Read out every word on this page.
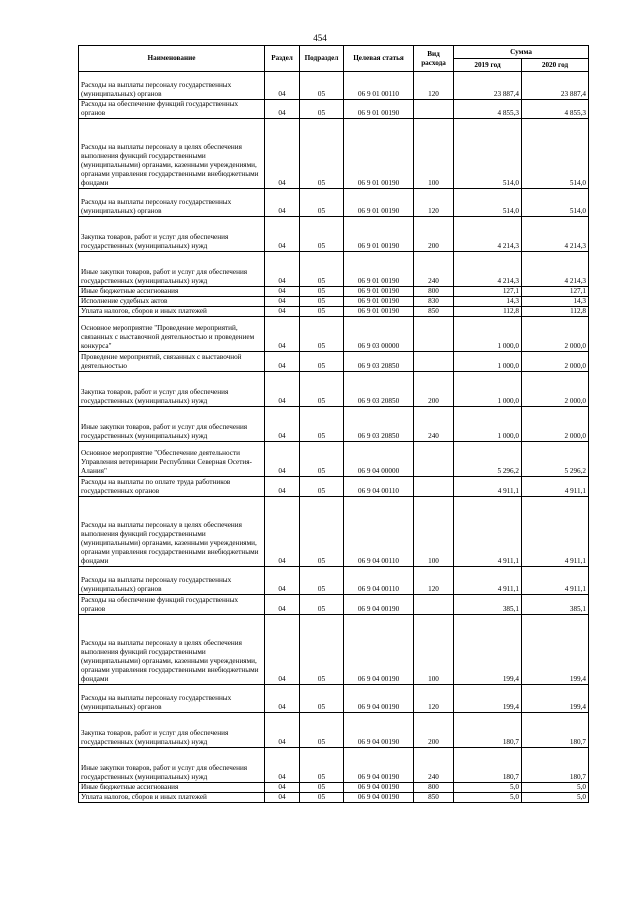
454
Наименование	Раздел	Подраздел	Целевая статья	Вид расхода	Сумма	
					2019 год	2020 год
Расходы на выплаты персоналу государственных (муниципальных) органов	04	05	06 9 01 00110	120	23 887,4	23 887,4
Расходы на обеспечение функций государственных органов	04	05	06 9 01 00190		4 855,3	4 855,3
Расходы на выплаты персоналу в целях обеспечения выполнения функций государственными (муниципальными) органами, казенными учреждениями, органами управления государственными внебюджетными фондами	04	05	06 9 01 00190	100	514,0	514,0
Расходы на выплаты персоналу государственных (муниципальных) органов	04	05	06 9 01 00190	120	514,0	514,0
Закупка товаров, работ и услуг для обеспечения государственных (муниципальных) нужд	04	05	06 9 01 00190	200	4 214,3	4 214,3
Иные закупки товаров, работ и услуг для обеспечения государственных (муниципальных) нужд	04	05	06 9 01 00190	240	4 214,3	4 214,3
Иные бюджетные ассигнования	04	05	06 9 01 00190	800	127,1	127,1
Исполнение судебных актов	04	05	06 9 01 00190	830	14,3	14,3
Уплата налогов, сборов и иных платежей	04	05	06 9 01 00190	850	112,8	112,8
Основное мероприятие "Проведение мероприятий, связанных с выставочной деятельностью и проведением конкурса"	04	05	06 9 03 00000		1 000,0	2 000,0
Проведение мероприятий, связанных с выставочной деятельностью	04	05	06 9 03 20850		1 000,0	2 000,0
Закупка товаров, работ и услуг для обеспечения государственных (муниципальных) нужд	04	05	06 9 03 20850	200	1 000,0	2 000,0
Иные закупки товаров, работ и услуг для обеспечения государственных (муниципальных) нужд	04	05	06 9 03 20850	240	1 000,0	2 000,0
Основное мероприятие "Обеспечение деятельности Управления ветеринарии Республики Северная Осетия-Алания"	04	05	06 9 04 00000		5 296,2	5 296,2
Расходы на выплаты по оплате труда работников государственных органов	04	05	06 9 04 00110		4 911,1	4 911,1
Расходы на выплаты персоналу в целях обеспечения выполнения функций государственными (муниципальными) органами, казенными учреждениями, органами управления государственными внебюджетными фондами	04	05	06 9 04 00110	100	4 911,1	4 911,1
Расходы на выплаты персоналу государственных (муниципальных) органов	04	05	06 9 04 00110	120	4 911,1	4 911,1
Расходы на обеспечение функций государственных органов	04	05	06 9 04 00190		385,1	385,1
Расходы на выплаты персоналу в целях обеспечения выполнения функций государственными (муниципальными) органами, казенными учреждениями, органами управления государственными внебюджетными фондами	04	05	06 9 04 00190	100	199,4	199,4
Расходы на выплаты персоналу государственных (муниципальных) органов	04	05	06 9 04 00190	120	199,4	199,4
Закупка товаров, работ и услуг для обеспечения государственных (муниципальных) нужд	04	05	06 9 04 00190	200	180,7	180,7
Иные закупки товаров, работ и услуг для обеспечения государственных (муниципальных) нужд	04	05	06 9 04 00190	240	180,7	180,7
Иные бюджетные ассигнования	04	05	06 9 04 00190	800	5,0	5,0
Уплата налогов, сборов и иных платежей	04	05	06 9 04 00190	850	5,0	5,0
